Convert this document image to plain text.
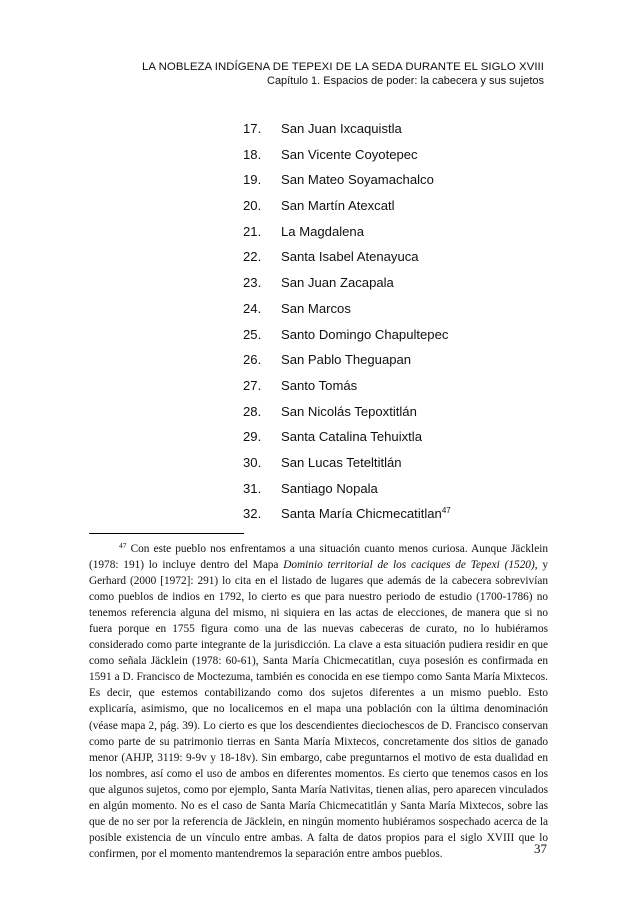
LA NOBLEZA INDÍGENA DE TEPEXI DE LA SEDA DURANTE EL SIGLO XVIII
Capítulo 1. Espacios de poder: la cabecera y sus sujetos
17. San Juan Ixcaquistla
18. San Vicente Coyotepec
19. San Mateo Soyamachalco
20. San Martín Atexcatl
21. La Magdalena
22. Santa Isabel Atenayuca
23. San Juan Zacapala
24. San Marcos
25. Santo Domingo Chapultepec
26. San Pablo Theguapan
27. Santo Tomás
28. San Nicolás Tepoxtitlán
29. Santa Catalina Tehuixtla
30. San Lucas Teteltitlán
31. Santiago Nopala
32. Santa María Chicmecatitlan$^{47}$

$^{47}$ Con este pueblo nos enfrentamos a una situación cuanto menos curiosa. Aunque Jäcklein (1978: 191) lo incluye dentro del Mapa Dominio territorial de los caciques de Tepexi (1520), y Gerhard (2000 [1972]: 291) lo cita en el listado de lugares que además de la cabecera sobrevivían como pueblos de indios en 1792, lo cierto es que para nuestro periodo de estudio (1700-1786) no tenemos referencia alguna del mismo, ni siquiera en las actas de elecciones, de manera que si no fuera porque en 1755 figura como una de las nuevas cabeceras de curato, no lo hubiéramos considerado como parte integrante de la jurisdicción. La clave a esta situación pudiera residir en que como señala Jäcklein (1978: 60-61), Santa María Chicmecatitlan, cuya posesión es confirmada en 1591 a D. Francisco de Moctezuma, también es conocida en ese tiempo como Santa María Mixtecos. Es decir, que estemos contabilizando como dos sujetos diferentes a un mismo pueblo. Esto explicaría, asimismo, que no localicemos en el mapa una población con la última denominación (véase mapa 2, pág. 39). Lo cierto es que los descendientes dieciochescos de D. Francisco conservan como parte de su patrimonio tierras en Santa María Mixtecos, concretamente dos sitios de ganado menor (AHJP, 3119: 9-9v y 18-18v). Sin embargo, cabe preguntarnos el motivo de esta dualidad en los nombres, así como el uso de ambos en diferentes momentos. Es cierto que tenemos casos en los que algunos sujetos, como por ejemplo, Santa María Nativitas, tienen alias, pero aparecen vinculados en algún momento. No es el caso de Santa María Chicmecatitlán y Santa María Mixtecos, sobre las que de no ser por la referencia de Jäcklein, en ningún momento hubiéramos sospechado acerca de la posible existencia de un vínculo entre ambas. A falta de datos propios para el siglo XVIII que lo confirmen, por el momento mantendremos la separación entre ambos pueblos.	37
